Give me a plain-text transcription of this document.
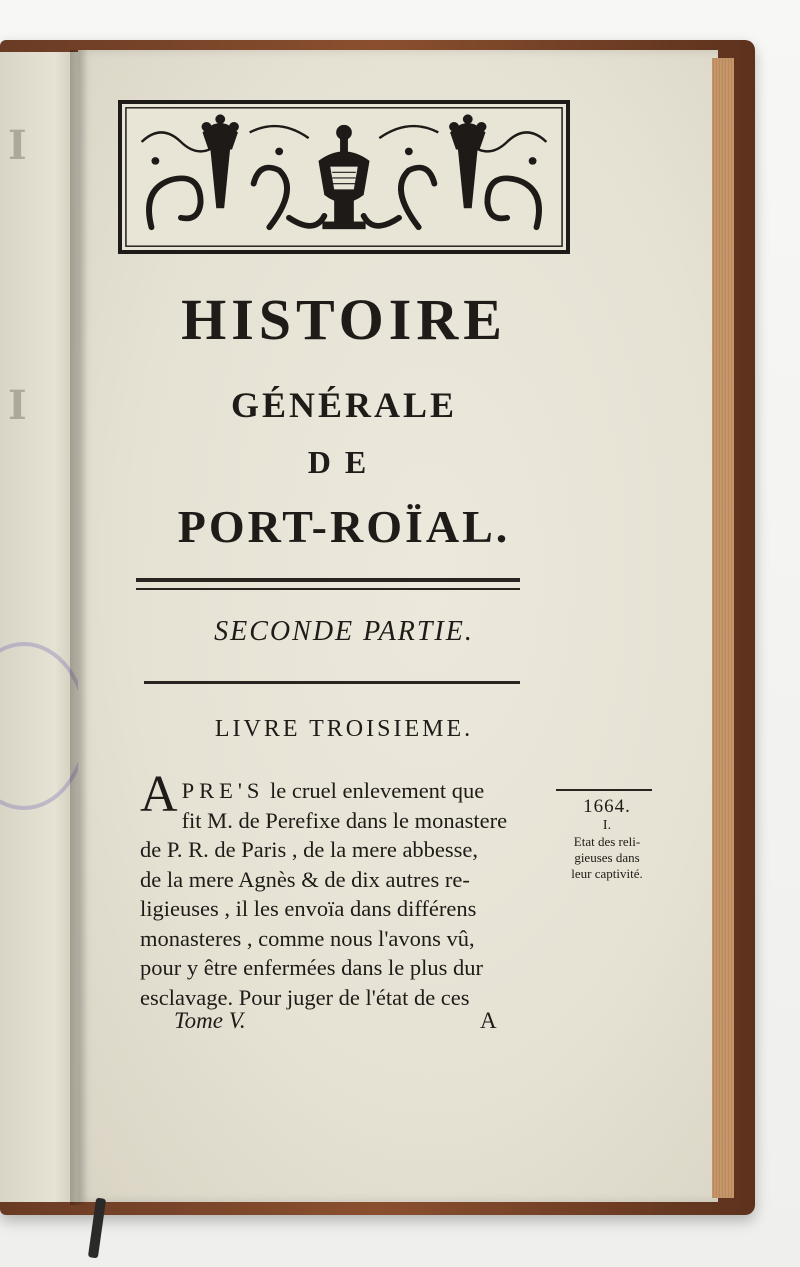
I
I
HISTOIRE
GÉNÉRALE
DE
PORT-ROÏAL.

SECONDE PARTIE.

LIVRE TROISIEME.

APRE'S le cruel enlevement que
fit M. de Perefixe dans le monastere
de P. R. de Paris , de la mere abbesse,
de la mere Agnès & de dix autres re-
ligieuses , il les envoïa dans différens
monasteres , comme nous l'avons vû,
pour y être enfermées dans le plus dur
esclavage. Pour juger de l'état de ces
1664.
I.
Etat des reli-
gieuses dans
leur captivité.
Tome V.	A
